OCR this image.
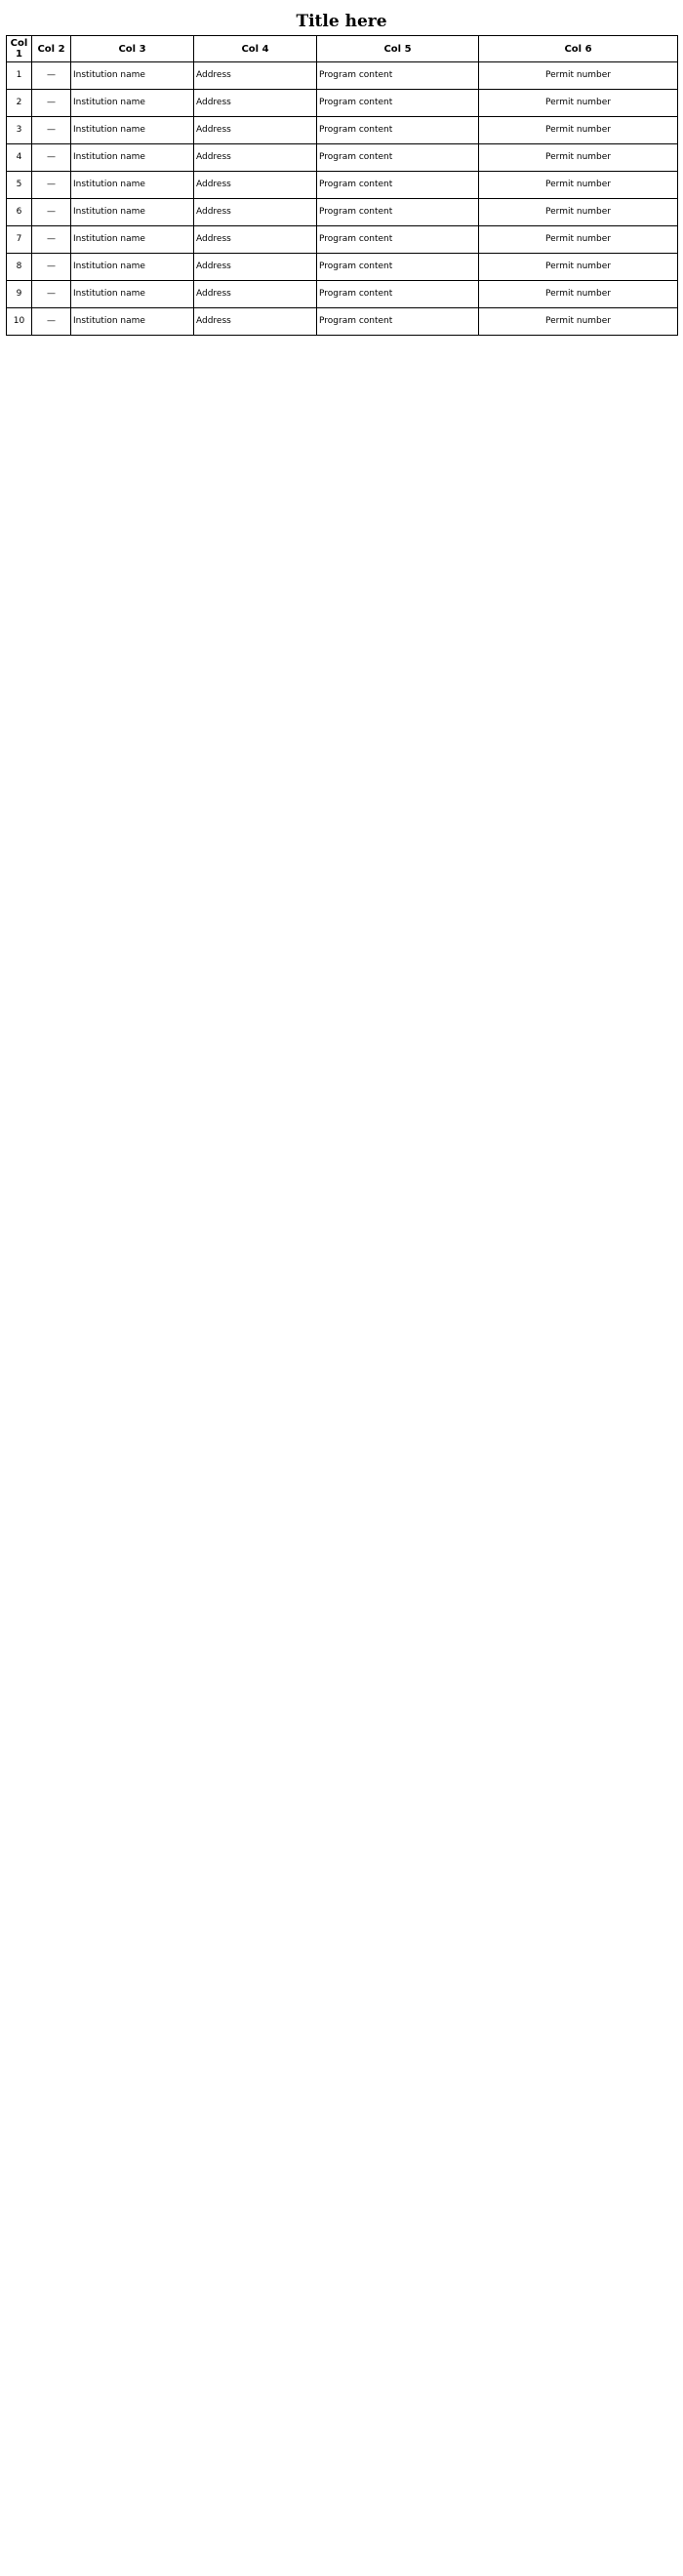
Title here
Col 1	Col 2	Col 3	Col 4	Col 5	Col 6
1	—	Institution name	Address	Program content	Permit number
2	—	Institution name	Address	Program content	Permit number
3	—	Institution name	Address	Program content	Permit number
4	—	Institution name	Address	Program content	Permit number
5	—	Institution name	Address	Program content	Permit number
6	—	Institution name	Address	Program content	Permit number
7	—	Institution name	Address	Program content	Permit number
8	—	Institution name	Address	Program content	Permit number
9	—	Institution name	Address	Program content	Permit number
10	—	Institution name	Address	Program content	Permit number
